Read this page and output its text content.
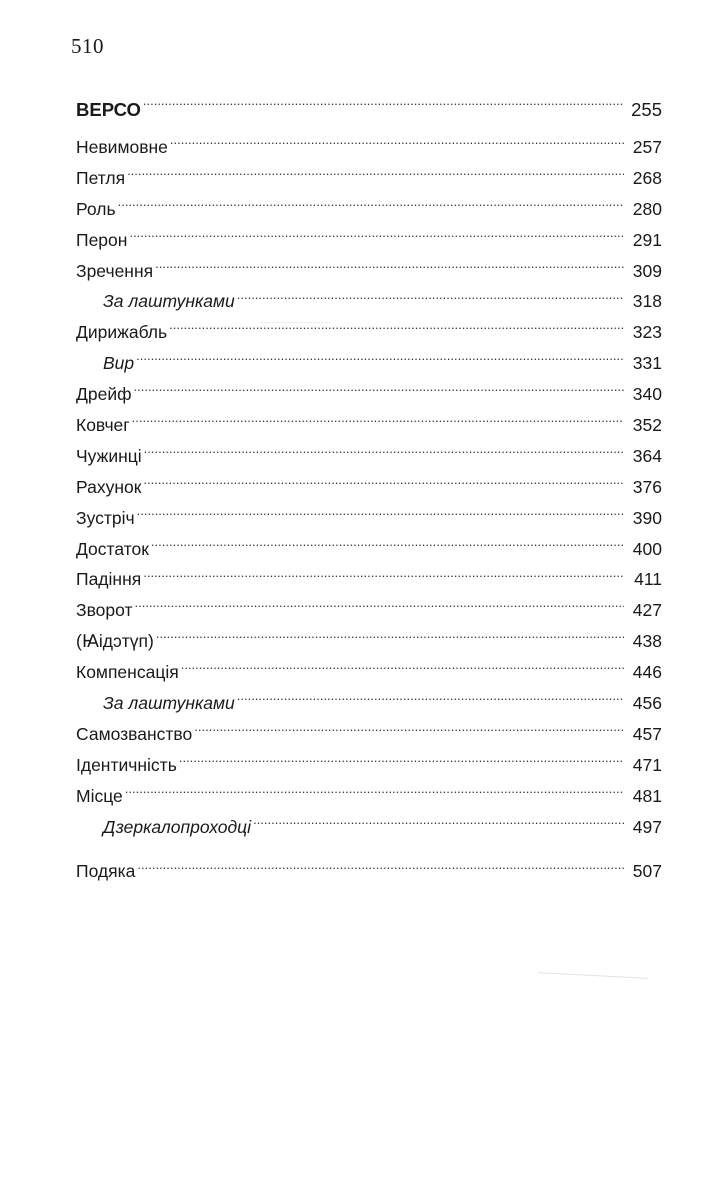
510
ВЕРСО .....	255
Невимовне .....	257
Петля .....	268
Роль .....	280
Перон .....	291
Зречення .....	309
За лаштунками .....	318
Дирижабль .....	323
Вир .....	331
Дрейф .....	340
Ковчег .....	352
Чужинці .....	364
Рахунок .....	376
Зустріч .....	390
Достаток .....	400
Падіння .....	411
Зворот .....	427
(Ꙗідɔтүп) .....	438
Компенсація .....	446
За лаштунками .....	456
Самозванство .....	457
Ідентичність .....	471
Місце .....	481
Дзеркалопроходці .....	497
Подяка .....	507
